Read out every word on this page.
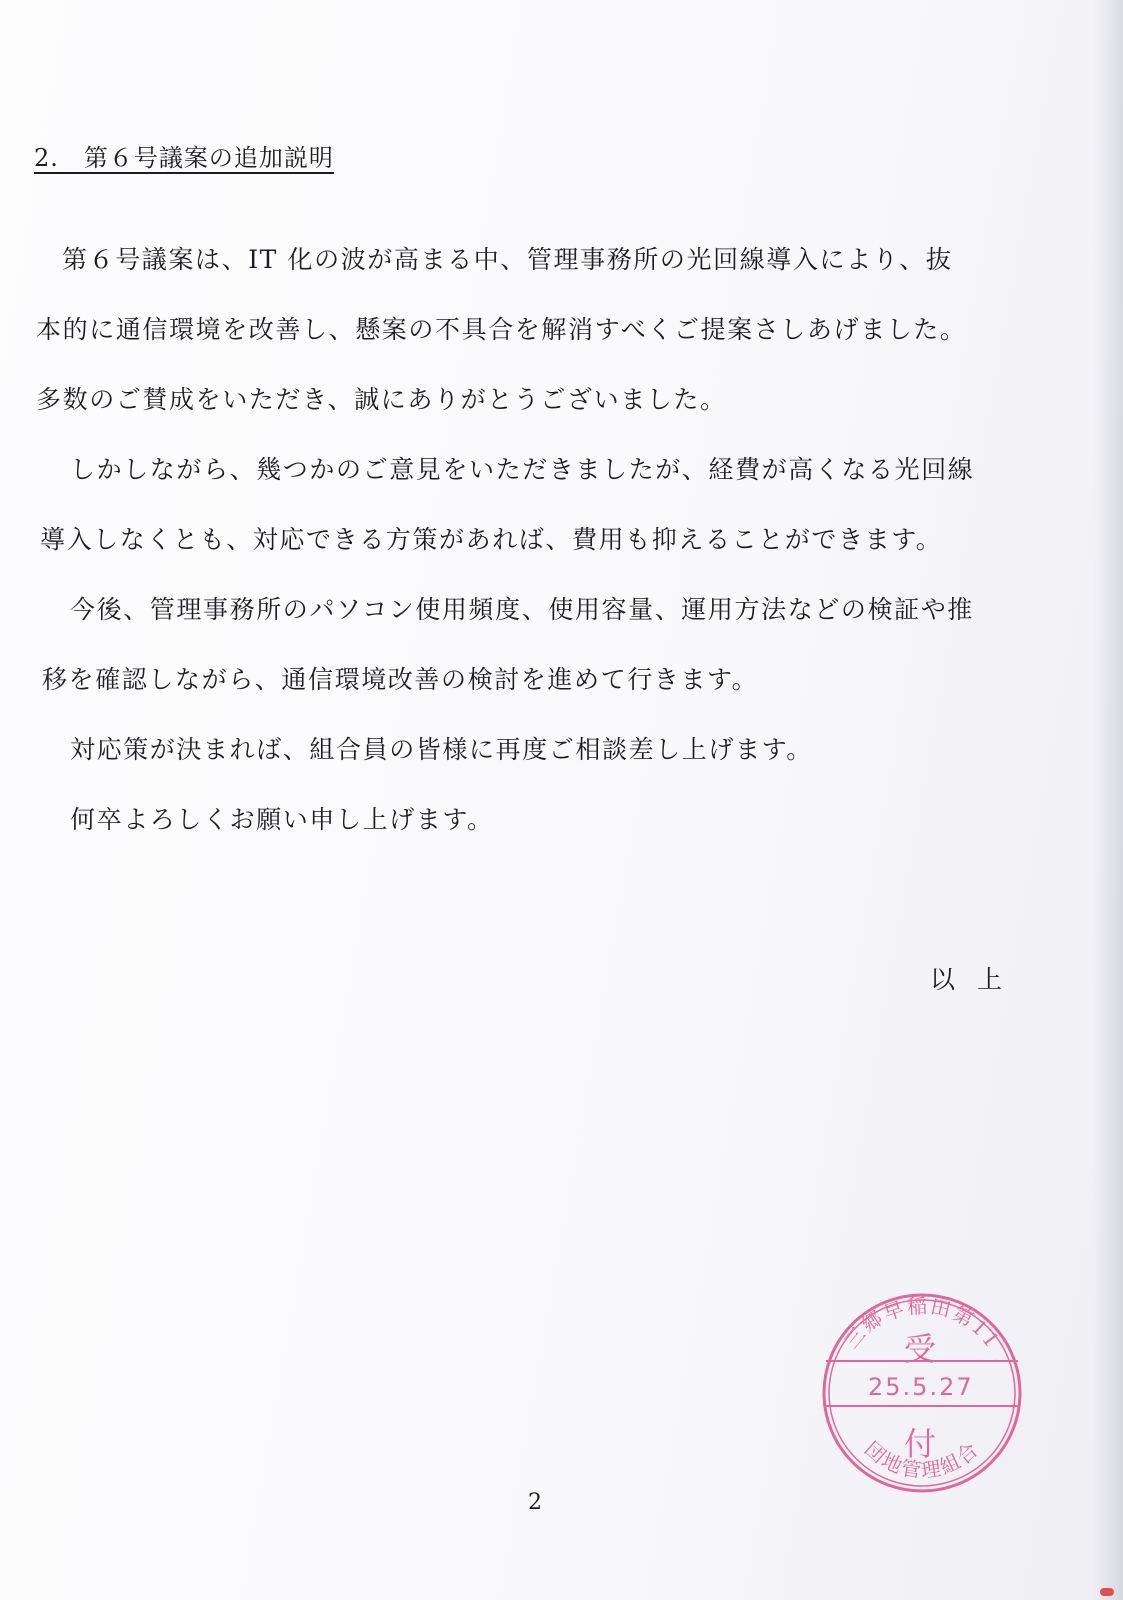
2.　第６号議案の追加説明
第６号議案は、IT 化の波が高まる中、管理事務所の光回線導入により、抜
本的に通信環境を改善し、懸案の不具合を解消すべくご提案さしあげました。
多数のご賛成をいただき、誠にありがとうございました。
しかしながら、幾つかのご意見をいただきましたが、経費が高くなる光回線
導入しなくとも、対応できる方策があれば、費用も抑えることができます。
今後、管理事務所のパソコン使用頻度、使用容量、運用方法などの検証や推
移を確認しながら、通信環境改善の検討を進めて行きます。
対応策が決まれば、組合員の皆様に再度ご相談差し上げます。
何卒よろしくお願い申し上げます。
以上
2
三郷早稲田第11
団地管理組合
受
25.5.27
付
